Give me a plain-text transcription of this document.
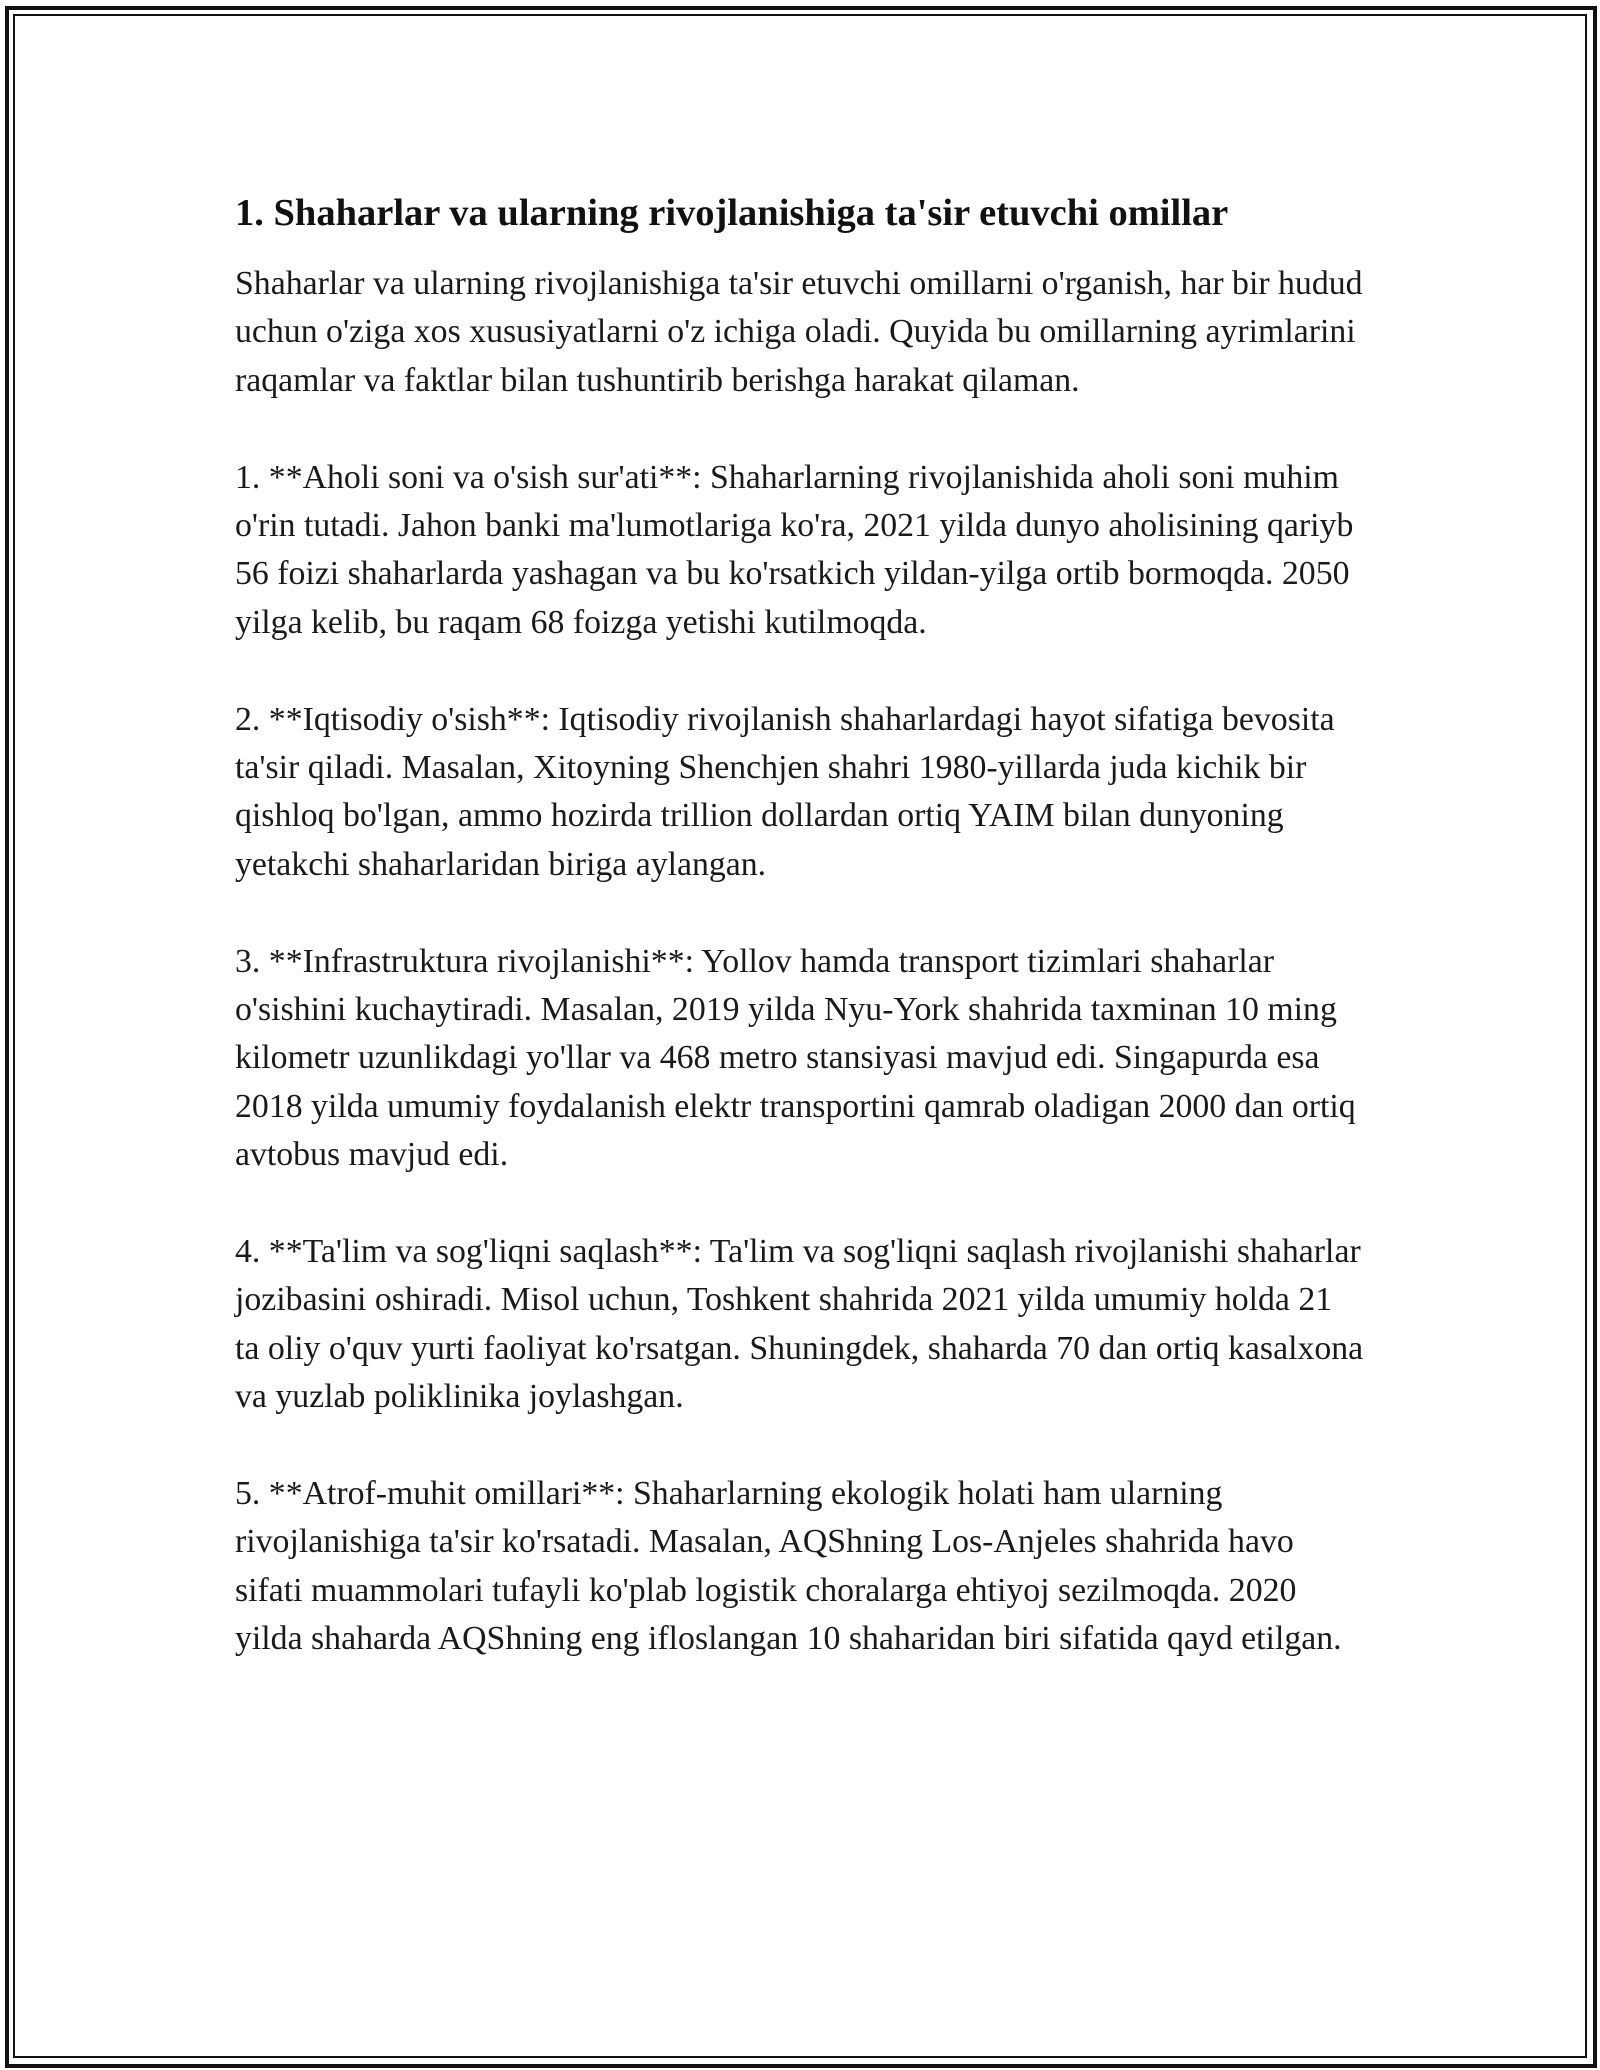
1. Shaharlar va ularning rivojlanishiga ta'sir etuvchi omillar

Shaharlar va ularning rivojlanishiga ta'sir etuvchi omillarni o'rganish, har bir hudud uchun o'ziga xos xususiyatlarni o'z ichiga oladi. Quyida bu omillarning ayrimlarini raqamlar va faktlar bilan tushuntirib berishga harakat qilaman.

1. **Aholi soni va o'sish sur'ati**: Shaharlarning rivojlanishida aholi soni muhim o'rin tutadi. Jahon banki ma'lumotlariga ko'ra, 2021 yilda dunyo aholisining qariyb 56 foizi shaharlarda yashagan va bu ko'rsatkich yildan-yilga ortib bormoqda. 2050 yilga kelib, bu raqam 68 foizga yetishi kutilmoqda.

2. **Iqtisodiy o'sish**: Iqtisodiy rivojlanish shaharlardagi hayot sifatiga bevosita ta'sir qiladi. Masalan, Xitoyning Shenchjen shahri 1980-yillarda juda kichik bir qishloq bo'lgan, ammo hozirda trillion dollardan ortiq YAIM bilan dunyoning yetakchi shaharlaridan biriga aylangan.

3. **Infrastruktura rivojlanishi**: Yollov hamda transport tizimlari shaharlar o'sishini kuchaytiradi. Masalan, 2019 yilda Nyu-York shahrida taxminan 10 ming kilometr uzunlikdagi yo'llar va 468 metro stansiyasi mavjud edi. Singapurda esa 2018 yilda umumiy foydalanish elektr transportini qamrab oladigan 2000 dan ortiq avtobus mavjud edi.

4. **Ta'lim va sog'liqni saqlash**: Ta'lim va sog'liqni saqlash rivojlanishi shaharlar jozibasini oshiradi. Misol uchun, Toshkent shahrida 2021 yilda umumiy holda 21 ta oliy o'quv yurti faoliyat ko'rsatgan. Shuningdek, shaharda 70 dan ortiq kasalxona va yuzlab poliklinika joylashgan.

5. **Atrof-muhit omillari**: Shaharlarning ekologik holati ham ularning rivojlanishiga ta'sir ko'rsatadi. Masalan, AQShning Los-Anjeles shahrida havo sifati muammolari tufayli ko'plab logistik choralarga ehtiyoj sezilmoqda. 2020 yilda shaharda AQShning eng ifloslangan 10 shaharidan biri sifatida qayd etilgan.
